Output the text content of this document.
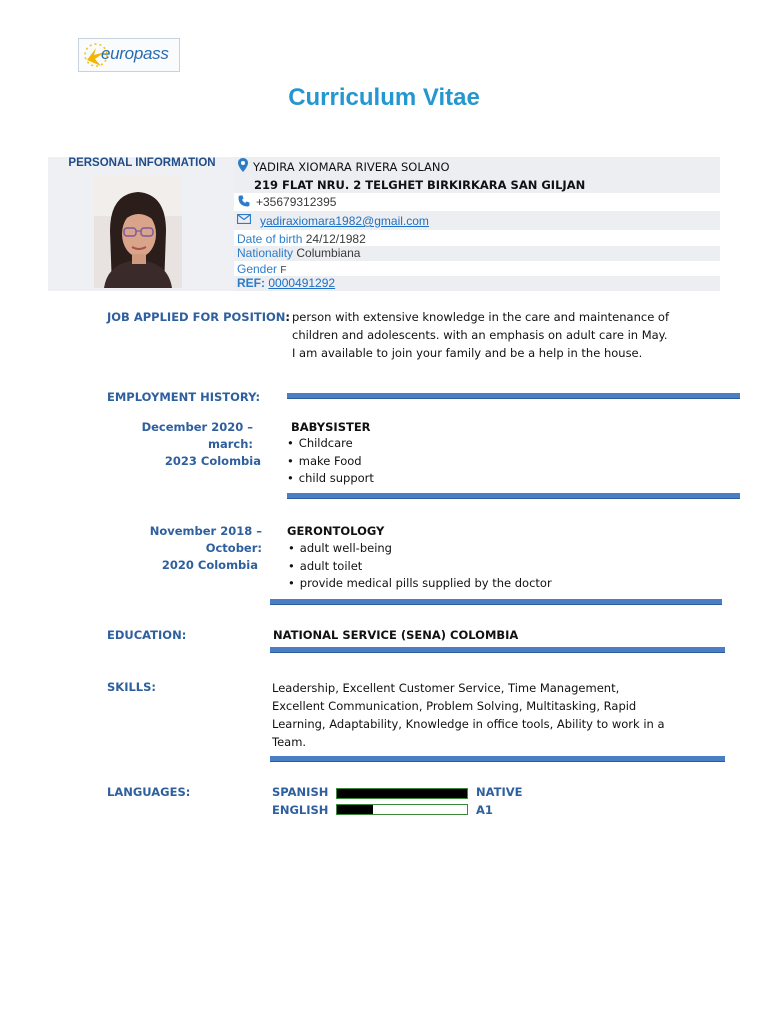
europass
Curriculum Vitae
PERSONAL INFORMATION	YADIRA XIOMARA RIVERA SOLANO
219 FLAT NRU. 2 TELGHET BIRKIRKARA SAN GILJAN
+35679312395
yadiraxiomara1982@gmail.com
Date of birth 24/12/1982
Nationality Columbiana
Gender F
REF: 0000491292
JOB APPLIED FOR POSITION: person with extensive knowledge in the care and maintenance of
children and adolescents. with an emphasis on adult care in May.
I am available to join your family and be a help in the house.
EMPLOYMENT HISTORY:
December 2020 – march:
2023 Colombia
BABYSISTER
• Childcare
• make Food
• child support
November 2018 – October:
2020 Colombia
GERONTOLOGY
• adult well-being
• adult toilet
• provide medical pills supplied by the doctor
EDUCATION:	NATIONAL SERVICE (SENA) COLOMBIA
SKILLS:	Leadership, Excellent Customer Service, Time Management,
Excellent Communication, Problem Solving, Multitasking, Rapid
Learning, Adaptability, Knowledge in office tools, Ability to work in a
Team.
LANGUAGES:	SPANISH	NATIVE
ENGLISH	A1
